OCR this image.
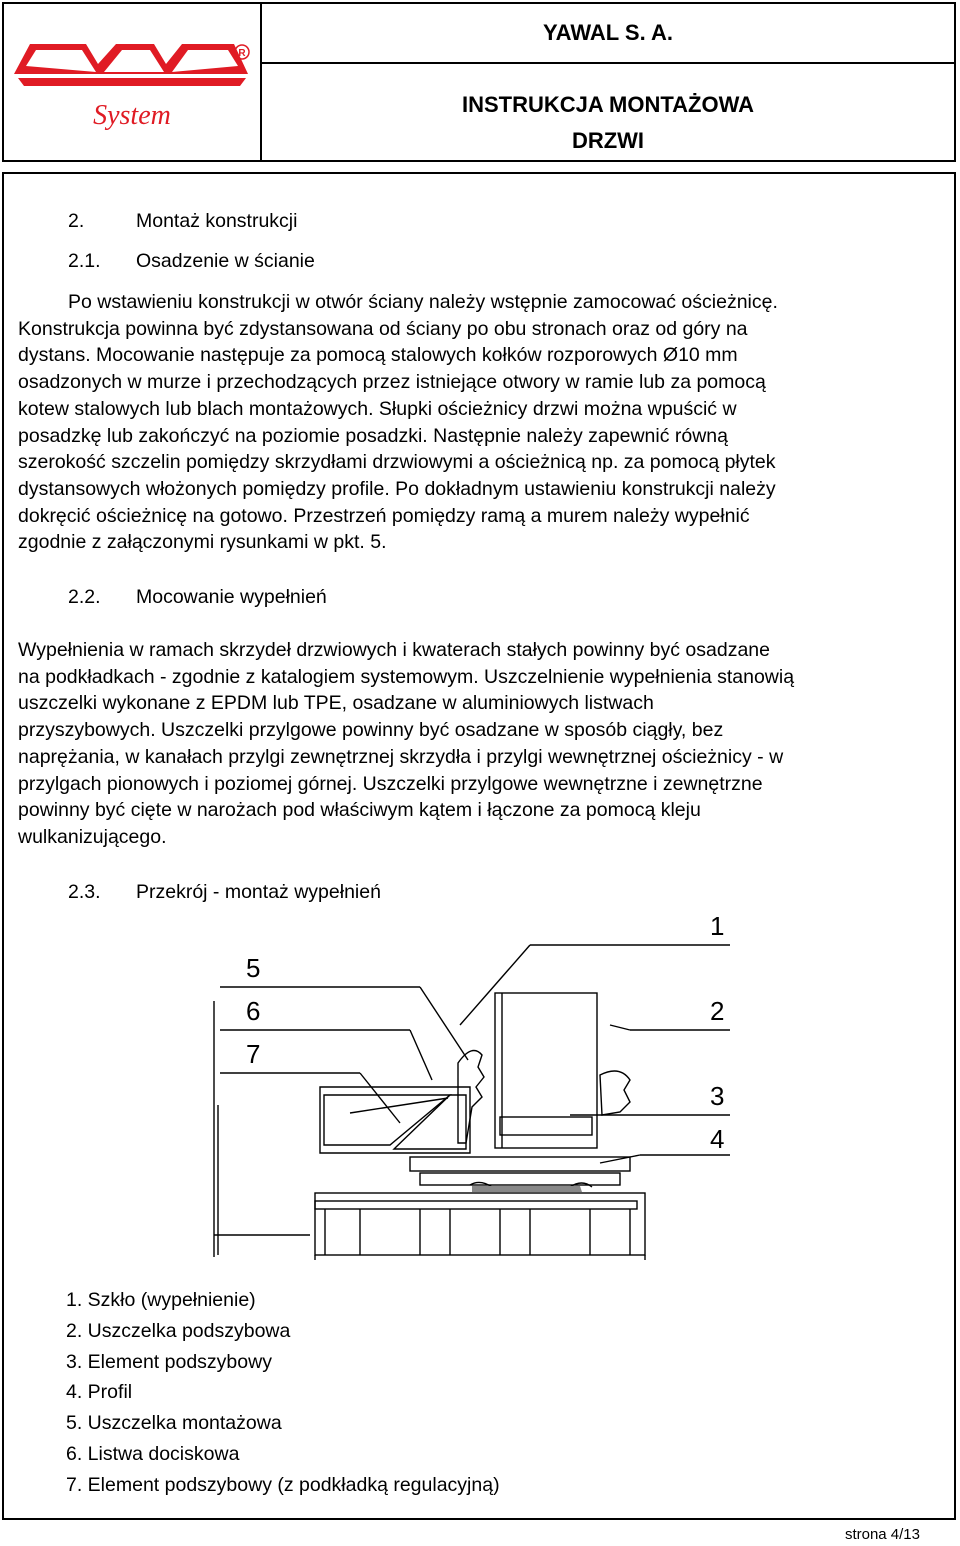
R
System
YAWAL S. A.
INSTRUKCJA MONTAŻOWA
DRZWI
2.	Montaż konstrukcji
2.1. Osadzenie w ścianie
Po wstawieniu konstrukcji w otwór ściany należy wstępnie zamocować ościeżnicę.
Konstrukcja powinna być zdystansowana od ściany po obu stronach oraz od góry na
dystans. Mocowanie następuje za pomocą stalowych kołków rozporowych Ø10 mm
osadzonych w murze i przechodzących przez istniejące otwory w ramie lub za pomocą
kotew stalowych lub blach montażowych. Słupki ościeżnicy drzwi można wpuścić w
posadzkę lub zakończyć na poziomie posadzki. Następnie należy zapewnić równą
szerokość szczelin pomiędzy skrzydłami drzwiowymi a ościeżnicą np. za pomocą płytek
dystansowych włożonych pomiędzy profile. Po dokładnym ustawieniu konstrukcji należy
dokręcić ościeżnicę na gotowo. Przestrzeń pomiędzy ramą a murem należy wypełnić
zgodnie z załączonymi rysunkami w pkt. 5.
2.2. Mocowanie wypełnień
Wypełnienia w ramach skrzydeł drzwiowych i kwaterach stałych powinny być osadzane
na podkładkach - zgodnie z katalogiem systemowym. Uszczelnienie wypełnienia stanowią
uszczelki wykonane z EPDM lub TPE, osadzane w aluminiowych listwach
przyszybowych. Uszczelki przylgowe powinny być osadzane w sposób ciągły, bez
naprężania, w kanałach przylgi zewnętrznej skrzydła i przylgi wewnętrznej ościeżnicy - w
przylgach pionowych i poziomej górnej. Uszczelki przylgowe wewnętrzne i zewnętrzne
powinny być cięte w narożach pod właściwym kątem i łączone za pomocą kleju
wulkanizującego.
2.3. Przekrój - montaż wypełnień
1
2
3
4
5
6
7
1. Szkło (wypełnienie)
2. Uszczelka podszybowa
3. Element podszybowy
4. Profil
5. Uszczelka montażowa
6. Listwa dociskowa
7. Element podszybowy (z podkładką regulacyjną)
strona 4/13
